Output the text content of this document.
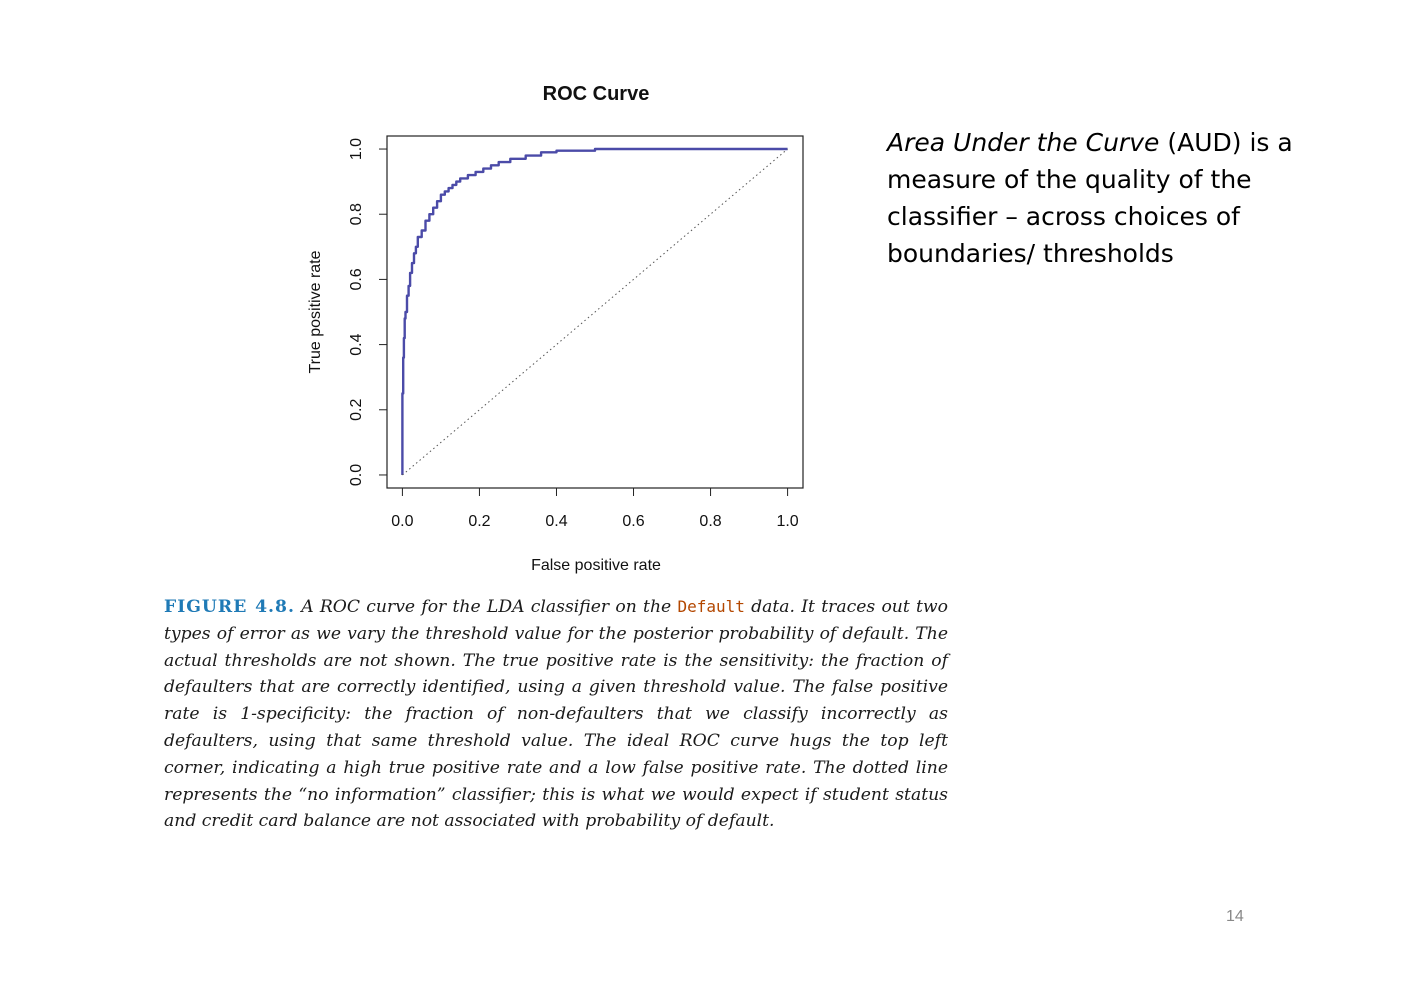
ROC Curve
0.0	0.2	0.4	0.6	0.8	1.0
0.0
0.2
0.4
0.6
0.8
1.0
False positive rate
True positive rate
Area Under the Curve (AUD) is a measure of the quality of the classifier – across choices of boundaries/ thresholds
FIGURE 4.8. A ROC curve for the LDA classifier on the Default data. It traces out two types of error as we vary the threshold value for the posterior probability of default. The actual thresholds are not shown. The true positive rate is the sensitivity: the fraction of defaulters that are correctly identified, using a given threshold value. The false positive rate is 1-specificity: the fraction of non-defaulters that we classify incorrectly as defaulters, using that same threshold value. The ideal ROC curve hugs the top left corner, indicating a high true positive rate and a low false positive rate. The dotted line represents the “no information” classifier; this is what we would expect if student status and credit card balance are not associated with probability of default.
14
